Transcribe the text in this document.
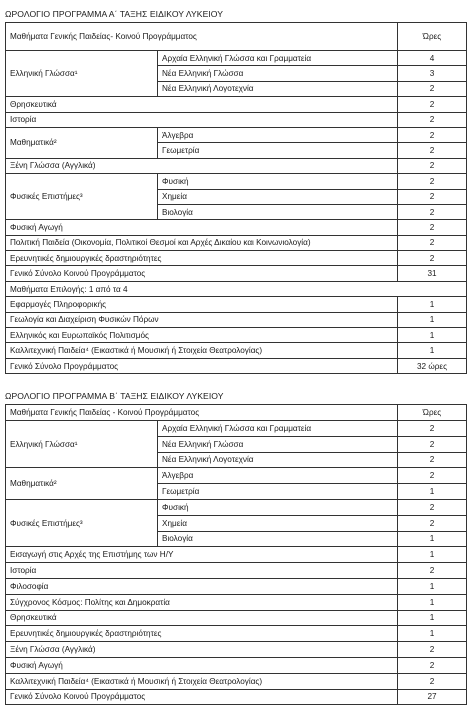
ΩΡΟΛΟΓΙΟ ΠΡΟΓΡΑΜΜΑ Α΄ ΤΑΞΗΣ ΕΙΔΙΚΟΥ ΛΥΚΕΙΟΥ
Μαθήματα Γενικής Παιδείας- Κοινού Προγράμματος		Ώρες
Ελληνική Γλώσσα¹	Αρχαία Ελληνική Γλώσσα και Γραμματεία	4
	Νέα Ελληνική Γλώσσα	3
	Νέα Ελληνική Λογοτεχνία	2
Θρησκευτικά		2
Ιστορία		2
Μαθηματικά²	Άλγεβρα	2
	Γεωμετρία	2
Ξένη Γλώσσα (Αγγλικά)		2
Φυσικές Επιστήμες³	Φυσική	2
	Χημεία	2
	Βιολογία	2
Φυσική Αγωγή		2
Πολιτική Παιδεία (Οικονομία, Πολιτικοί Θεσμοί και Αρχές Δικαίου και Κοινωνιολογία)		2
Ερευνητικές δημιουργικές δραστηριότητες		2
Γενικό Σύνολο Κοινού Προγράμματος		31
Μαθήματα Επιλογής: 1 από τα 4		
Εφαρμογές Πληροφορικής		1
Γεωλογία και Διαχείριση Φυσικών Πόρων		1
Ελληνικός και Ευρωπαϊκός Πολιτισμός		1
Καλλιτεχνική Παιδεία⁴ (Εικαστικά ή Μουσική ή Στοιχεία Θεατρολογίας)		1
Γενικό Σύνολο Προγράμματος		32 ώρες
ΩΡΟΛΟΓΙΟ ΠΡΟΓΡΑΜΜΑ Β΄ ΤΑΞΗΣ ΕΙΔΙΚΟΥ ΛΥΚΕΙΟΥ
Μαθήματα Γενικής Παιδείας - Κοινού Προγράμματος		Ώρες
Ελληνική Γλώσσα¹	Αρχαία Ελληνική Γλώσσα και Γραμματεία	2
	Νέα Ελληνική Γλώσσα	2
	Νέα Ελληνική Λογοτεχνία	2
Μαθηματικά²	Άλγεβρα	2
	Γεωμετρία	1
Φυσικές Επιστήμες³	Φυσική	2
	Χημεία	2
	Βιολογία	1
Εισαγωγή στις Αρχές της Επιστήμης των Η/Υ		1
Ιστορία		2
Φιλοσοφία		1
Σύγχρονος Κόσμος: Πολίτης και Δημοκρατία		1
Θρησκευτικά		1
Ερευνητικές δημιουργικές δραστηριότητες		1
Ξένη Γλώσσα (Αγγλικά)		2
Φυσική Αγωγή		2
Καλλιτεχνική Παιδεία⁴ (Εικαστικά ή Μουσική ή Στοιχεία Θεατρολογίας)		2
Γενικό Σύνολο Κοινού Προγράμματος		27
